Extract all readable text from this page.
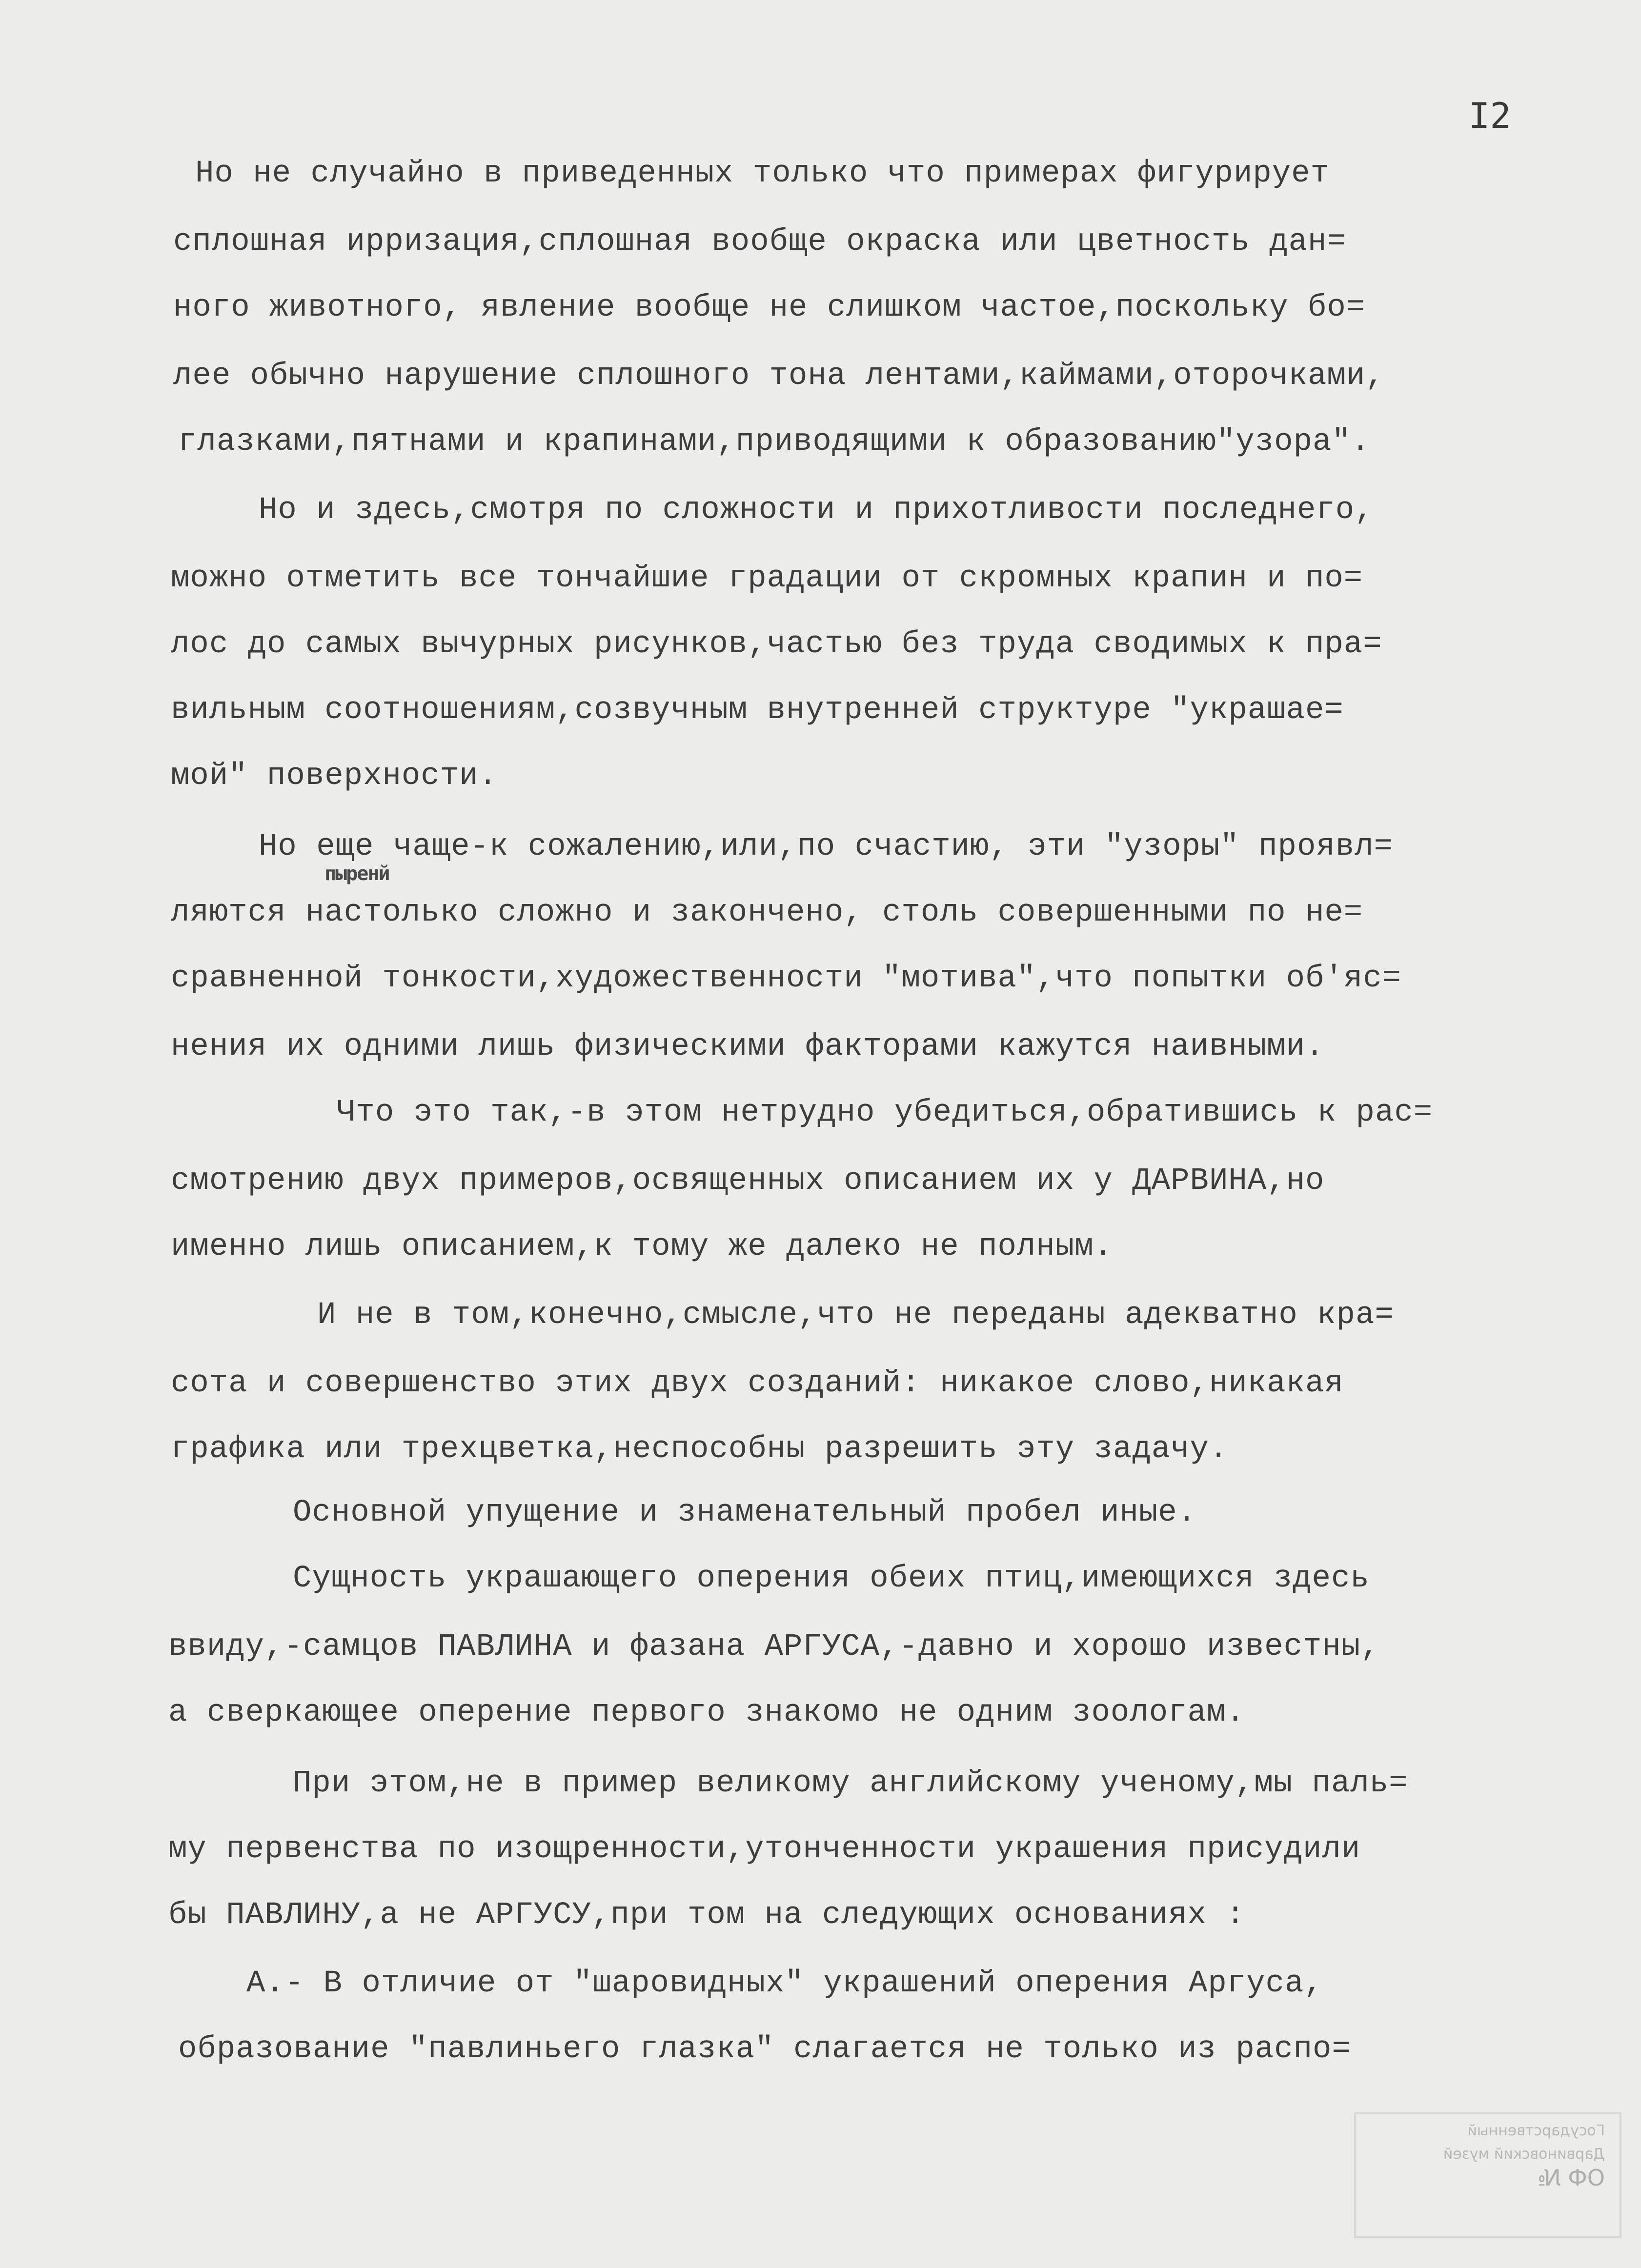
I2

Но не случайно в приведенных только что примерах фигурирует

сплошная ирризация,сплошная вообще окраска или цветность дан=

ного животного, явление вообще не слишком частое,поскольку бо=

лее обычно нарушение сплошного тона лентами,каймами,оторочками,

глазками,пятнами и крапинами,приводящими к образованию"узора".

Но и здесь,смотря по сложности и прихотливости последнего,

можно отметить все тончайшие градации от скромных крапин и по=

лос до самых вычурных рисунков,частью без труда сводимых к пра=

вильным соотношениям,созвучным внутренней структуре "украшае=

мой" поверхности.

Но еще чаще-к сожалению,или,по счастию, эти "узоры" проявл=

пыренй

ляются настолько сложно и закончено, столь совершенными по не=

сравненной тонкости,художественности "мотива",что попытки об'яс=

нения их одними лишь физическими факторами кажутся наивными.

Что это так,-в этом нетрудно убедиться,обратившись к рас=

смотрению двух примеров,освященных описанием их у ДАРВИНА,но

именно лишь описанием,к тому же далеко не полным.

И не в том,конечно,смысле,что не переданы адекватно кра=

сота и совершенство этих двух созданий: никакое слово,никакая

графика или трехцветка,неспособны разрешить эту задачу.

Основной упущение и знаменательный пробел иные.

Сущность украшающего оперения обеих птиц,имеющихся здесь

ввиду,-самцов ПАВЛИНА и фазана АРГУСА,-давно и хорошо известны,

а сверкающее оперение первого знакомо не одним зоологам.

При этом,не в пример великому английскому ученому,мы паль=

му первенства по изощренности,утонченности украшения присудили

бы ПАВЛИНУ,а не АРГУСУ,при том на следующих основаниях :

А.- В отличие от "шаровидных" украшений оперения Аргуса,

образование "павлиньего глазка" слагается не только из распо=

Государственный
Дарвиновский музей
ОФ №
